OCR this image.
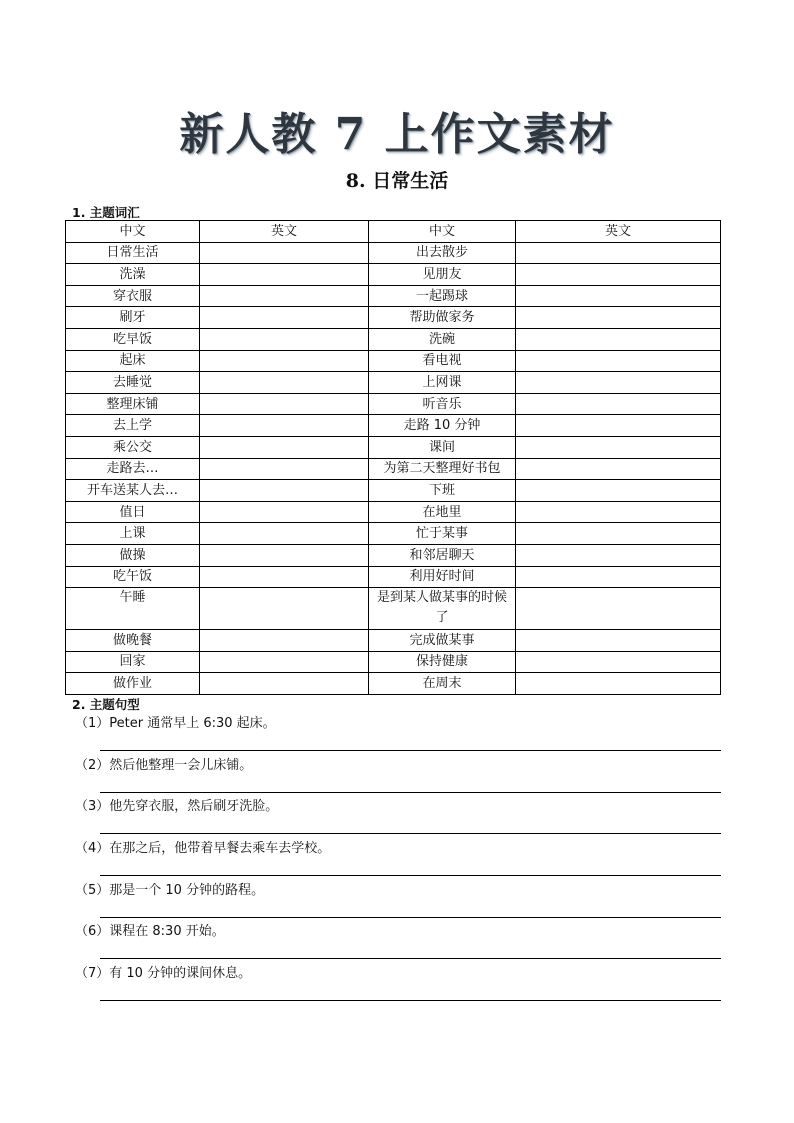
新人教 7 上作文素材
8. 日常生活
1. 主题词汇
中文	英文	中文	英文
日常生活		出去散步	
洗澡		见朋友	
穿衣服		一起踢球	
刷牙		帮助做家务	
吃早饭		洗碗	
起床		看电视	
去睡觉		上网课	
整理床铺		听音乐	
去上学		走路 10 分钟	
乘公交		课间	
走路去…		为第二天整理好书包	
开车送某人去…		下班	
值日		在地里	
上课		忙于某事	
做操		和邻居聊天	
吃午饭		利用好时间	
午睡		是到某人做某事的时候了	
做晚餐		完成做某事	
回家		保持健康	
做作业		在周末	
2. 主题句型
（1）Peter 通常早上 6:30 起床。
（2）然后他整理一会儿床铺。
（3）他先穿衣服，然后刷牙洗脸。
（4）在那之后，他带着早餐去乘车去学校。
（5）那是一个 10 分钟的路程。
（6）课程在 8:30 开始。
（7）有 10 分钟的课间休息。
